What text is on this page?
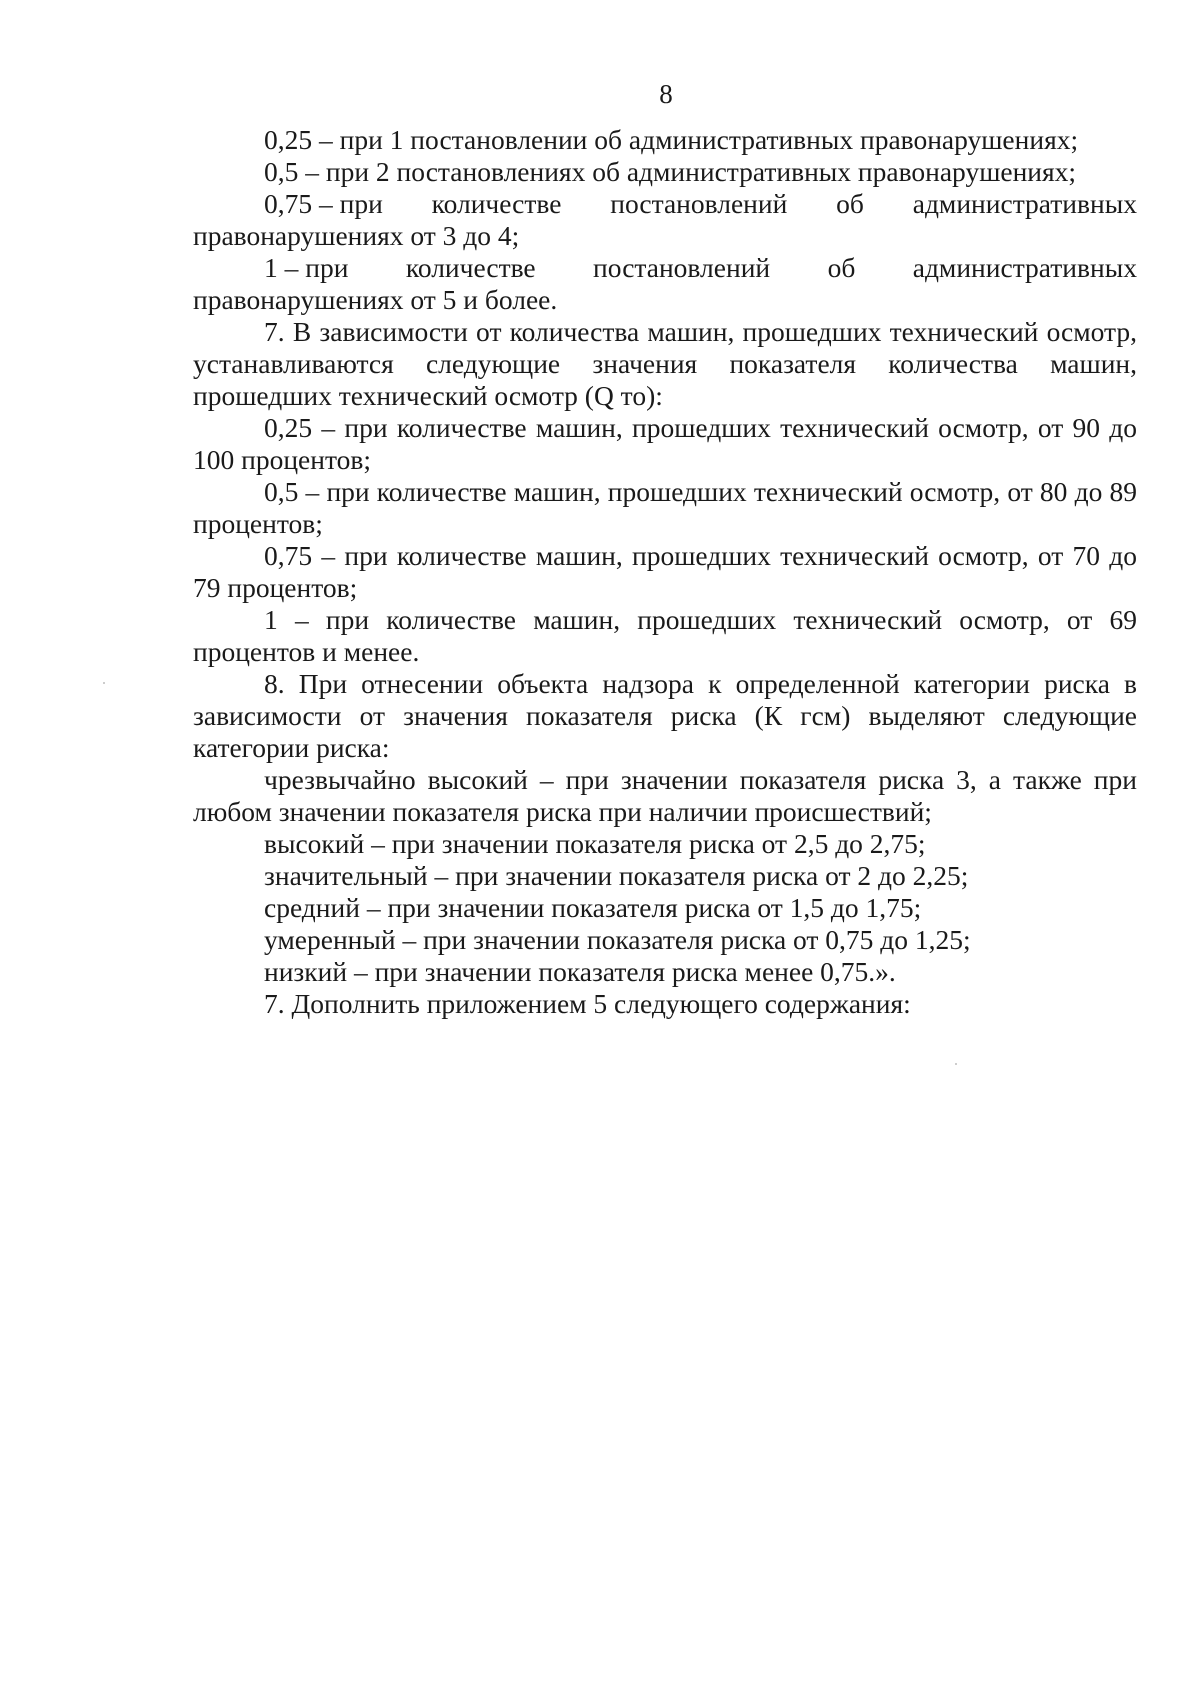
8

0,25 – при 1 постановлении об административных правонарушениях;

0,5 – при 2 постановлениях об административных правонарушениях;

0,75 – при количестве постановлений об административных
правонарушениях от 3 до 4;
1 – при количестве постановлений об административных
правонарушениях от 5 и более.

7. В зависимости от количества машин, прошедших технический осмотр, устанавливаются следующие значения показателя количества машин, прошедших технический осмотр (Q то):

0,25 – при количестве машин, прошедших технический осмотр, от 90 до 100 процентов;

0,5 – при количестве машин, прошедших технический осмотр, от 80 до 89 процентов;

0,75 – при количестве машин, прошедших технический осмотр, от 70 до 79 процентов;

1 – при количестве машин, прошедших технический осмотр, от 69 процентов и менее.

8. При отнесении объекта надзора к определенной категории риска в зависимости от значения показателя риска (К гсм) выделяют следующие категории риска:

чрезвычайно высокий – при значении показателя риска 3, а также при любом значении показателя риска при наличии происшествий;

высокий – при значении показателя риска от 2,5 до 2,75;

значительный – при значении показателя риска от 2 до 2,25;

средний – при значении показателя риска от 1,5 до 1,75;

умеренный – при значении показателя риска от 0,75 до 1,25;

низкий – при значении показателя риска менее 0,75.».

7. Дополнить приложением 5 следующего содержания:
